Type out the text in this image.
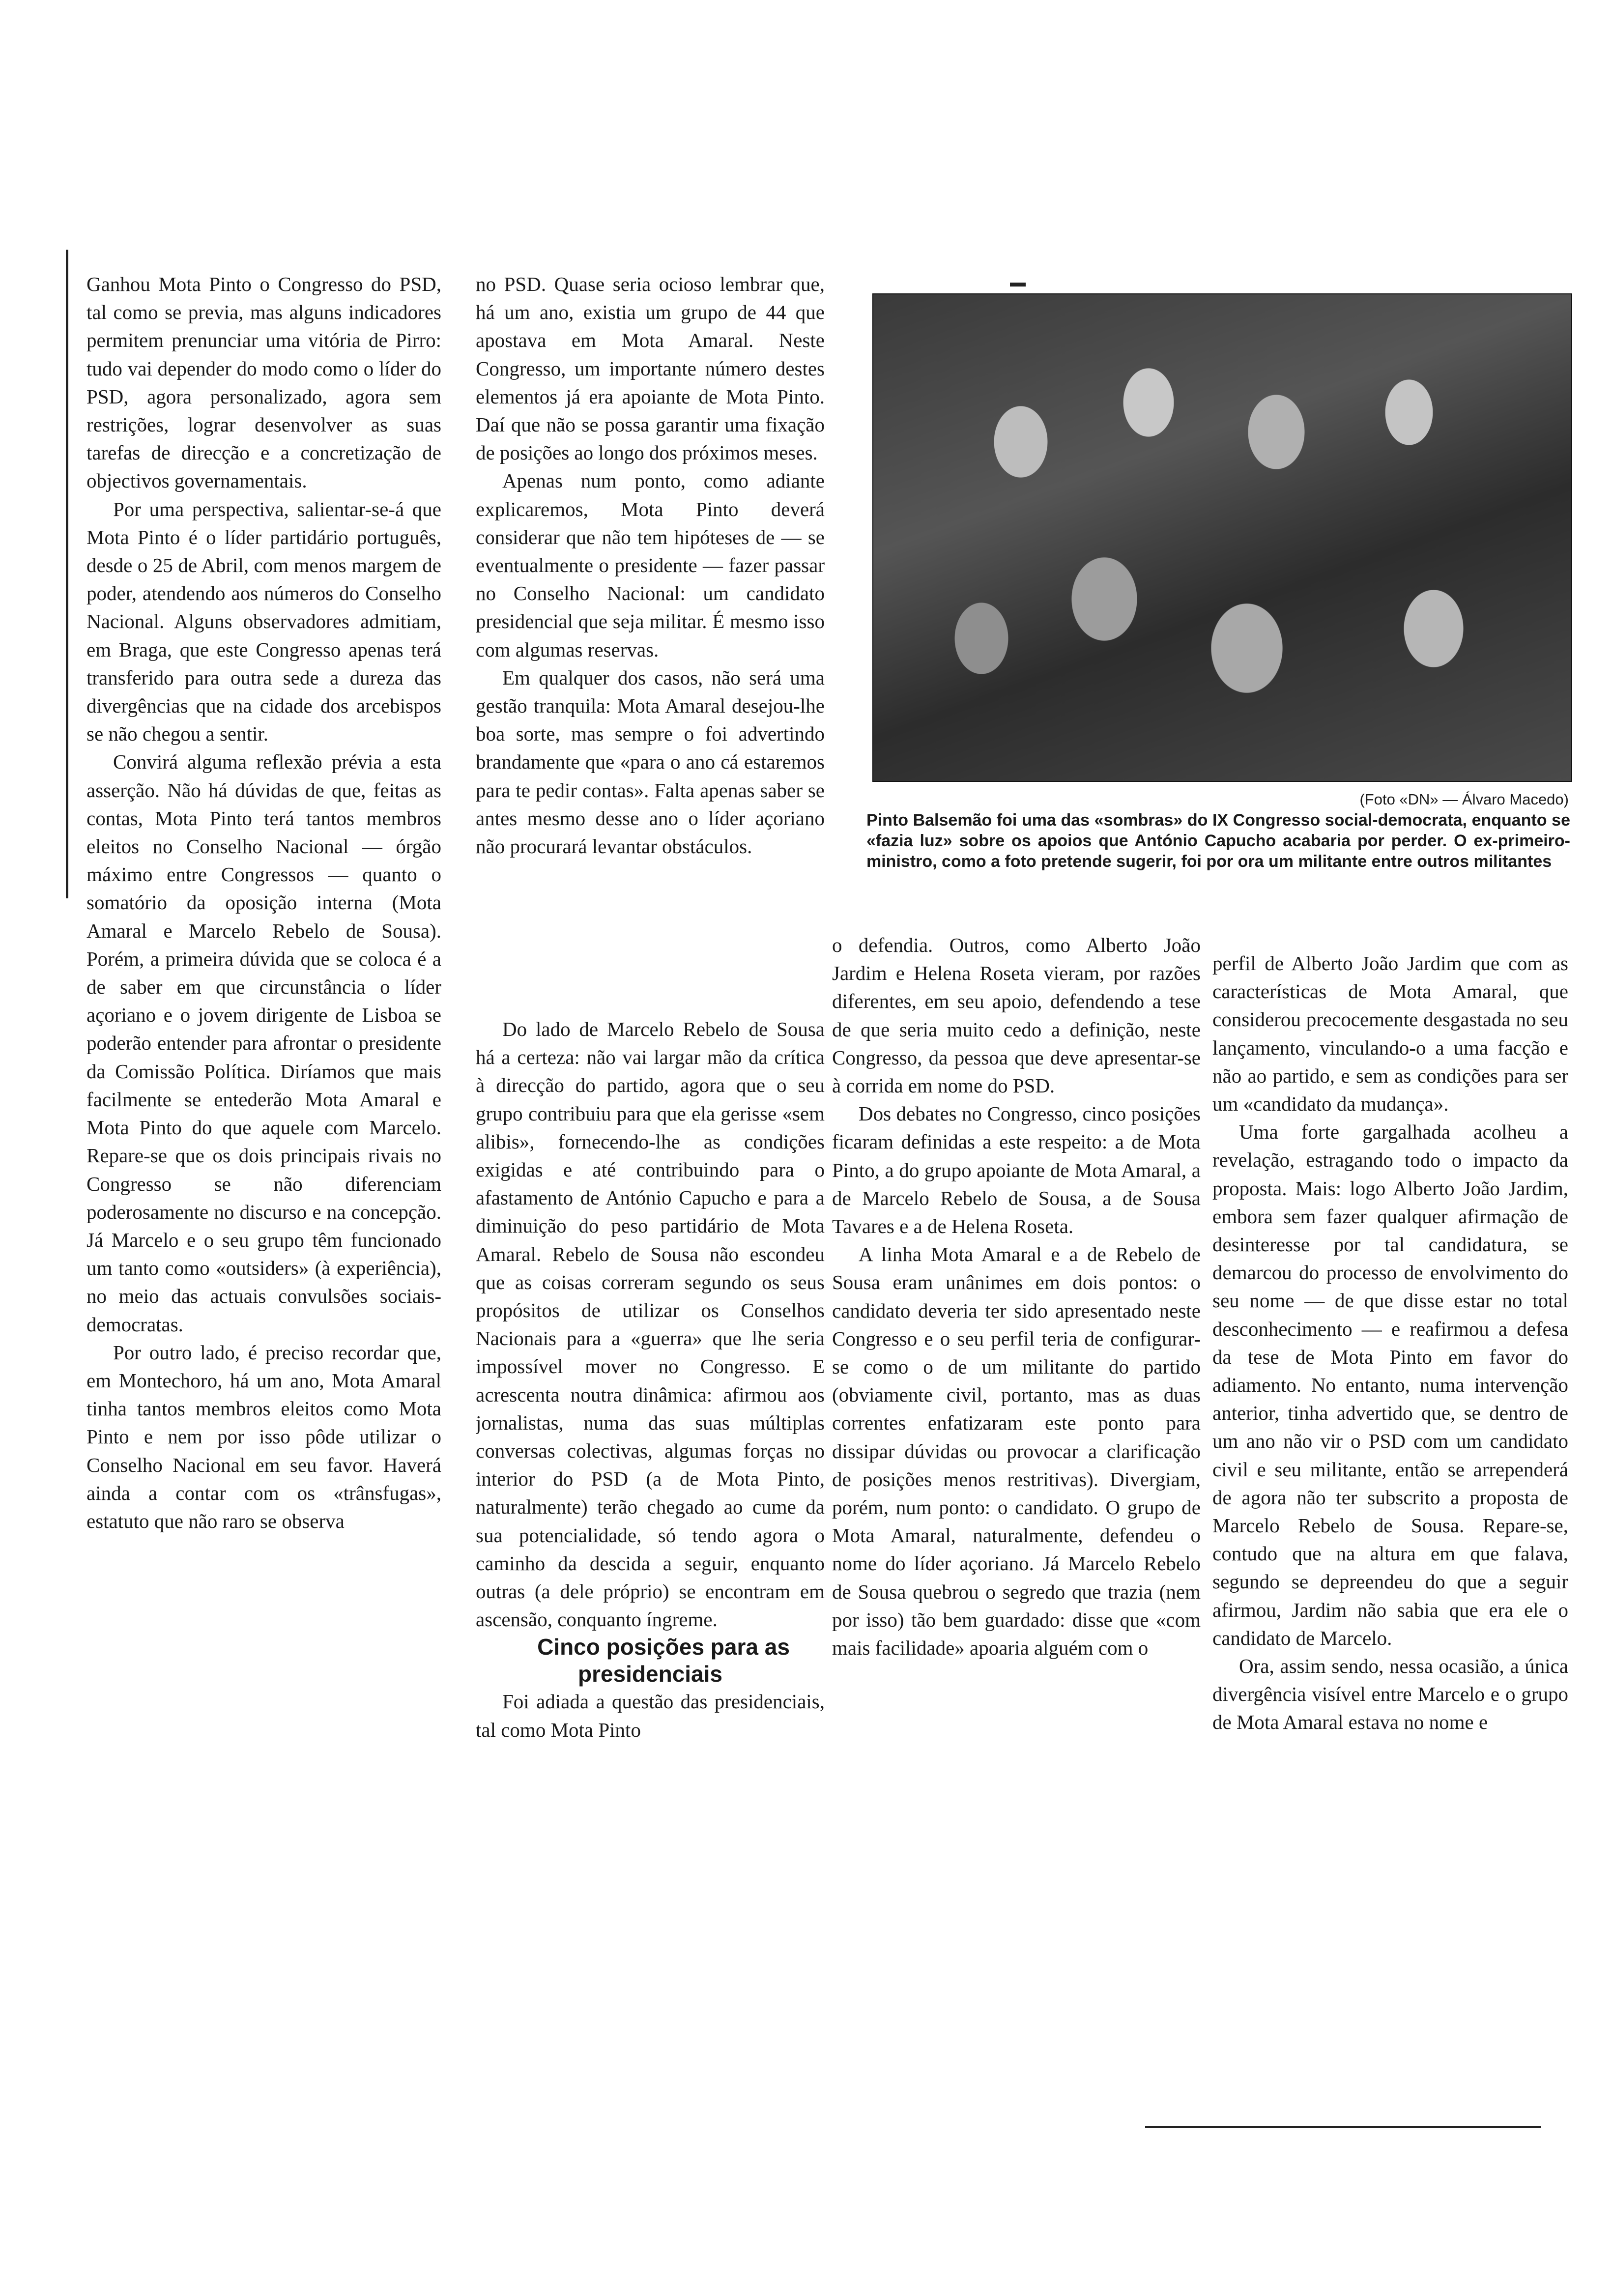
Ganhou Mota Pinto o Congresso do PSD, tal como se previa, mas alguns indicadores permitem prenunciar uma vitória de Pirro: tudo vai depender do modo como o líder do PSD, agora personalizado, agora sem restrições, lograr desenvolver as suas tarefas de direcção e a concretização de objectivos governamentais.

Por uma perspectiva, salientar-se-á que Mota Pinto é o líder partidário português, desde o 25 de Abril, com menos margem de poder, atendendo aos números do Conselho Nacional. Alguns observadores admitiam, em Braga, que este Congresso apenas terá transferido para outra sede a dureza das divergências que na cidade dos arcebispos se não chegou a sentir.

Convirá alguma reflexão prévia a esta asserção. Não há dúvidas de que, feitas as contas, Mota Pinto terá tantos membros eleitos no Conselho Nacional — órgão máximo entre Congressos — quanto o somatório da oposição interna (Mota Amaral e Marcelo Rebelo de Sousa). Porém, a primeira dúvida que se coloca é a de saber em que circunstância o líder açoriano e o jovem dirigente de Lisboa se poderão entender para afrontar o presidente da Comissão Política. Diríamos que mais facilmente se entederão Mota Amaral e Mota Pinto do que aquele com Marcelo. Repare-se que os dois principais rivais no Congresso se não diferenciam poderosamente no discurso e na concepção. Já Marcelo e o seu grupo têm funcionado um tanto como «outsiders» (à experiência), no meio das actuais convulsões sociais-democratas.

Por outro lado, é preciso recordar que, em Montechoro, há um ano, Mota Amaral tinha tantos membros eleitos como Mota Pinto e nem por isso pôde utilizar o Conselho Nacional em seu favor. Haverá ainda a contar com os «trânsfugas», estatuto que não raro se observa

no PSD. Quase seria ocioso lembrar que, há um ano, existia um grupo de 44 que apostava em Mota Amaral. Neste Congresso, um importante número destes elementos já era apoiante de Mota Pinto. Daí que não se possa garantir uma fixação de posições ao longo dos próximos meses.

Apenas num ponto, como adiante explicaremos, Mota Pinto deverá considerar que não tem hipóteses de — se eventualmente o presidente — fazer passar no Conselho Nacional: um candidato presidencial que seja militar. É mesmo isso com algumas reservas.

Em qualquer dos casos, não será uma gestão tranquila: Mota Amaral desejou-lhe boa sorte, mas sempre o foi advertindo brandamente que «para o ano cá estaremos para te pedir contas». Falta apenas saber se antes mesmo desse ano o líder açoriano não procurará levantar obstáculos.

Do lado de Marcelo Rebelo de Sousa há a certeza: não vai largar mão da crítica à direcção do partido, agora que o seu grupo contribuiu para que ela gerisse «sem alibis», fornecendo-lhe as condições exigidas e até contribuindo para o afastamento de António Capucho e para a diminuição do peso partidário de Mota Amaral. Rebelo de Sousa não escondeu que as coisas correram segundo os seus propósitos de utilizar os Conselhos Nacionais para a «guerra» que lhe seria impossível mover no Congresso. E acrescenta noutra dinâmica: afirmou aos jornalistas, numa das suas múltiplas conversas colectivas, algumas forças no interior do PSD (a de Mota Pinto, naturalmente) terão chegado ao cume da sua potencialidade, só tendo agora o caminho da descida a seguir, enquanto outras (a dele próprio) se encontram em ascensão, conquanto íngreme.

Cinco posições para as presidenciais

Foi adiada a questão das presidenciais, tal como Mota Pinto

(Foto «DN» — Álvaro Macedo)
Pinto Balsemão foi uma das «sombras» do IX Congresso social-democrata, enquanto se «fazia luz» sobre os apoios que António Capucho acabaria por perder. O ex-primeiro-ministro, como a foto pretende sugerir, foi por ora um militante entre outros militantes

o defendia. Outros, como Alberto João Jardim e Helena Roseta vieram, por razões diferentes, em seu apoio, defendendo a tese de que seria muito cedo a definição, neste Congresso, da pessoa que deve apresentar-se à corrida em nome do PSD.

Dos debates no Congresso, cinco posições ficaram definidas a este respeito: a de Mota Pinto, a do grupo apoiante de Mota Amaral, a de Marcelo Rebelo de Sousa, a de Sousa Tavares e a de Helena Roseta.

A linha Mota Amaral e a de Rebelo de Sousa eram unânimes em dois pontos: o candidato deveria ter sido apresentado neste Congresso e o seu perfil teria de configurar-se como o de um militante do partido (obviamente civil, portanto, mas as duas correntes enfatizaram este ponto para dissipar dúvidas ou provocar a clarificação de posições menos restritivas). Divergiam, porém, num ponto: o candidato. O grupo de Mota Amaral, naturalmente, defendeu o nome do líder açoriano. Já Marcelo Rebelo de Sousa quebrou o segredo que trazia (nem por isso) tão bem guardado: disse que «com mais facilidade» apoaria alguém com o

perfil de Alberto João Jardim que com as características de Mota Amaral, que considerou precocemente desgastada no seu lançamento, vinculando-o a uma facção e não ao partido, e sem as condições para ser um «candidato da mudança».

Uma forte gargalhada acolheu a revelação, estragando todo o impacto da proposta. Mais: logo Alberto João Jardim, embora sem fazer qualquer afirmação de desinteresse por tal candidatura, se demarcou do processo de envolvimento do seu nome — de que disse estar no total desconhecimento — e reafirmou a defesa da tese de Mota Pinto em favor do adiamento. No entanto, numa intervenção anterior, tinha advertido que, se dentro de um ano não vir o PSD com um candidato civil e seu militante, então se arrependerá de agora não ter subscrito a proposta de Marcelo Rebelo de Sousa. Repare-se, contudo que na altura em que falava, segundo se depreendeu do que a seguir afirmou, Jardim não sabia que era ele o candidato de Marcelo.

Ora, assim sendo, nessa ocasião, a única divergência visível entre Marcelo e o grupo de Mota Amaral estava no nome e
